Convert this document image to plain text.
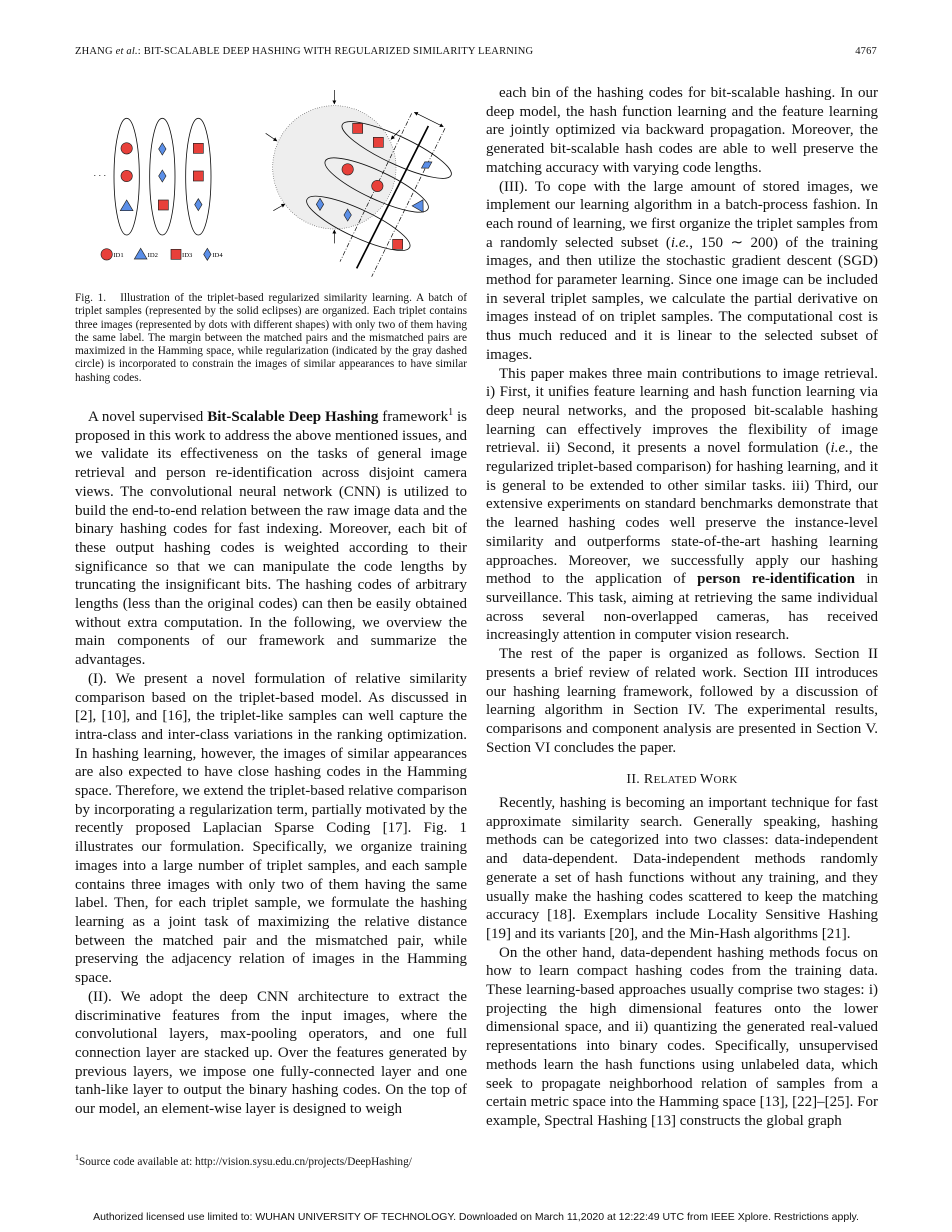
ZHANG et al.: BIT-SCALABLE DEEP HASHING WITH REGULARIZED SIMILARITY LEARNING	4767
· · ·
ID1 ID2 ID3 ID4
Fig. 1. Illustration of the triplet-based regularized similarity learning. A batch of triplet samples (represented by the solid eclipses) are organized. Each triplet contains three images (represented by dots with different shapes) with only two of them having the same label. The margin between the matched pairs and the mismatched pairs are maximized in the Hamming space, while regularization (indicated by the gray dashed circle) is incorporated to constrain the images of similar appearances to have similar hashing codes.

A novel supervised Bit-Scalable Deep Hashing framework$^1$ is proposed in this work to address the above mentioned issues, and we validate its effectiveness on the tasks of general image retrieval and person re-identification across disjoint camera views. The convolutional neural network (CNN) is utilized to build the end-to-end relation between the raw image data and the binary hashing codes for fast indexing. Moreover, each bit of these output hashing codes is weighted according to their significance so that we can manipulate the code lengths by truncating the insignificant bits. The hashing codes of arbitrary lengths (less than the original codes) can then be easily obtained without extra computation. In the following, we overview the main components of our framework and summarize the advantages.

(I). We present a novel formulation of relative similarity comparison based on the triplet-based model. As discussed in [2], [10], and [16], the triplet-like samples can well capture the intra-class and inter-class variations in the ranking optimization. In hashing learning, however, the images of similar appearances are also expected to have close hashing codes in the Hamming space. Therefore, we extend the triplet-based relative comparison by incorporating a regularization term, partially motivated by the recently proposed Laplacian Sparse Coding [17]. Fig. 1 illustrates our formulation. Specifically, we organize training images into a large number of triplet samples, and each sample contains three images with only two of them having the same label. Then, for each triplet sample, we formulate the hashing learning as a joint task of maximizing the relative distance between the matched pair and the mismatched pair, while preserving the adjacency relation of images in the Hamming space.

(II). We adopt the deep CNN architecture to extract the discriminative features from the input images, where the convolutional layers, max-pooling operators, and one full connection layer are stacked up. Over the features generated by previous layers, we impose one fully-connected layer and one tanh-like layer to output the binary hashing codes. On the top of our model, an element-wise layer is designed to weigh

each bin of the hashing codes for bit-scalable hashing. In our deep model, the hash function learning and the feature learning are jointly optimized via backward propagation. Moreover, the generated bit-scalable hash codes are able to well preserve the matching accuracy with varying code lengths.

(III). To cope with the large amount of stored images, we implement our learning algorithm in a batch-process fashion. In each round of learning, we first organize the triplet samples from a randomly selected subset (i.e., 150 ∼ 200) of the training images, and then utilize the stochastic gradient descent (SGD) method for parameter learning. Since one image can be included in several triplet samples, we calculate the partial derivative on images instead of on triplet samples. The computational cost is thus much reduced and it is linear to the selected subset of images.

This paper makes three main contributions to image retrieval. i) First, it unifies feature learning and hash function learning via deep neural networks, and the proposed bit-scalable hashing learning can effectively improves the flexibility of image retrieval. ii) Second, it presents a novel formulation (i.e., the regularized triplet-based comparison) for hashing learning, and it is general to be extended to other similar tasks. iii) Third, our extensive experiments on standard benchmarks demonstrate that the learned hashing codes well preserve the instance-level similarity and outperforms state-of-the-art hashing learning approaches. Moreover, we successfully apply our hashing method to the application of person re-identification in surveillance. This task, aiming at retrieving the same individual across several non-overlapped cameras, has received increasingly attention in computer vision research.

The rest of the paper is organized as follows. Section II presents a brief review of related work. Section III introduces our hashing learning framework, followed by a discussion of learning algorithm in Section IV. The experimental results, comparisons and component analysis are presented in Section V. Section VI concludes the paper.

II. RELATED WORK

Recently, hashing is becoming an important technique for fast approximate similarity search. Generally speaking, hashing methods can be categorized into two classes: data-independent and data-dependent. Data-independent methods randomly generate a set of hash functions without any training, and they usually make the hashing codes scattered to keep the matching accuracy [18]. Exemplars include Locality Sensitive Hashing [19] and its variants [20], and the Min-Hash algorithms [21].

On the other hand, data-dependent hashing methods focus on how to learn compact hashing codes from the training data. These learning-based approaches usually comprise two stages: i) projecting the high dimensional features onto the lower dimensional space, and ii) quantizing the generated real-valued representations into binary codes. Specifically, unsupervised methods learn the hash functions using unlabeled data, which seek to propagate neighborhood relation of samples from a certain metric space into the Hamming space [13], [22]–[25]. For example, Spectral Hashing [13] constructs the global graph

$^1$Source code available at: http://vision.sysu.edu.cn/projects/DeepHashing/
Authorized licensed use limited to: WUHAN UNIVERSITY OF TECHNOLOGY. Downloaded on March 11,2020 at 12:22:49 UTC from IEEE Xplore. Restrictions apply.
